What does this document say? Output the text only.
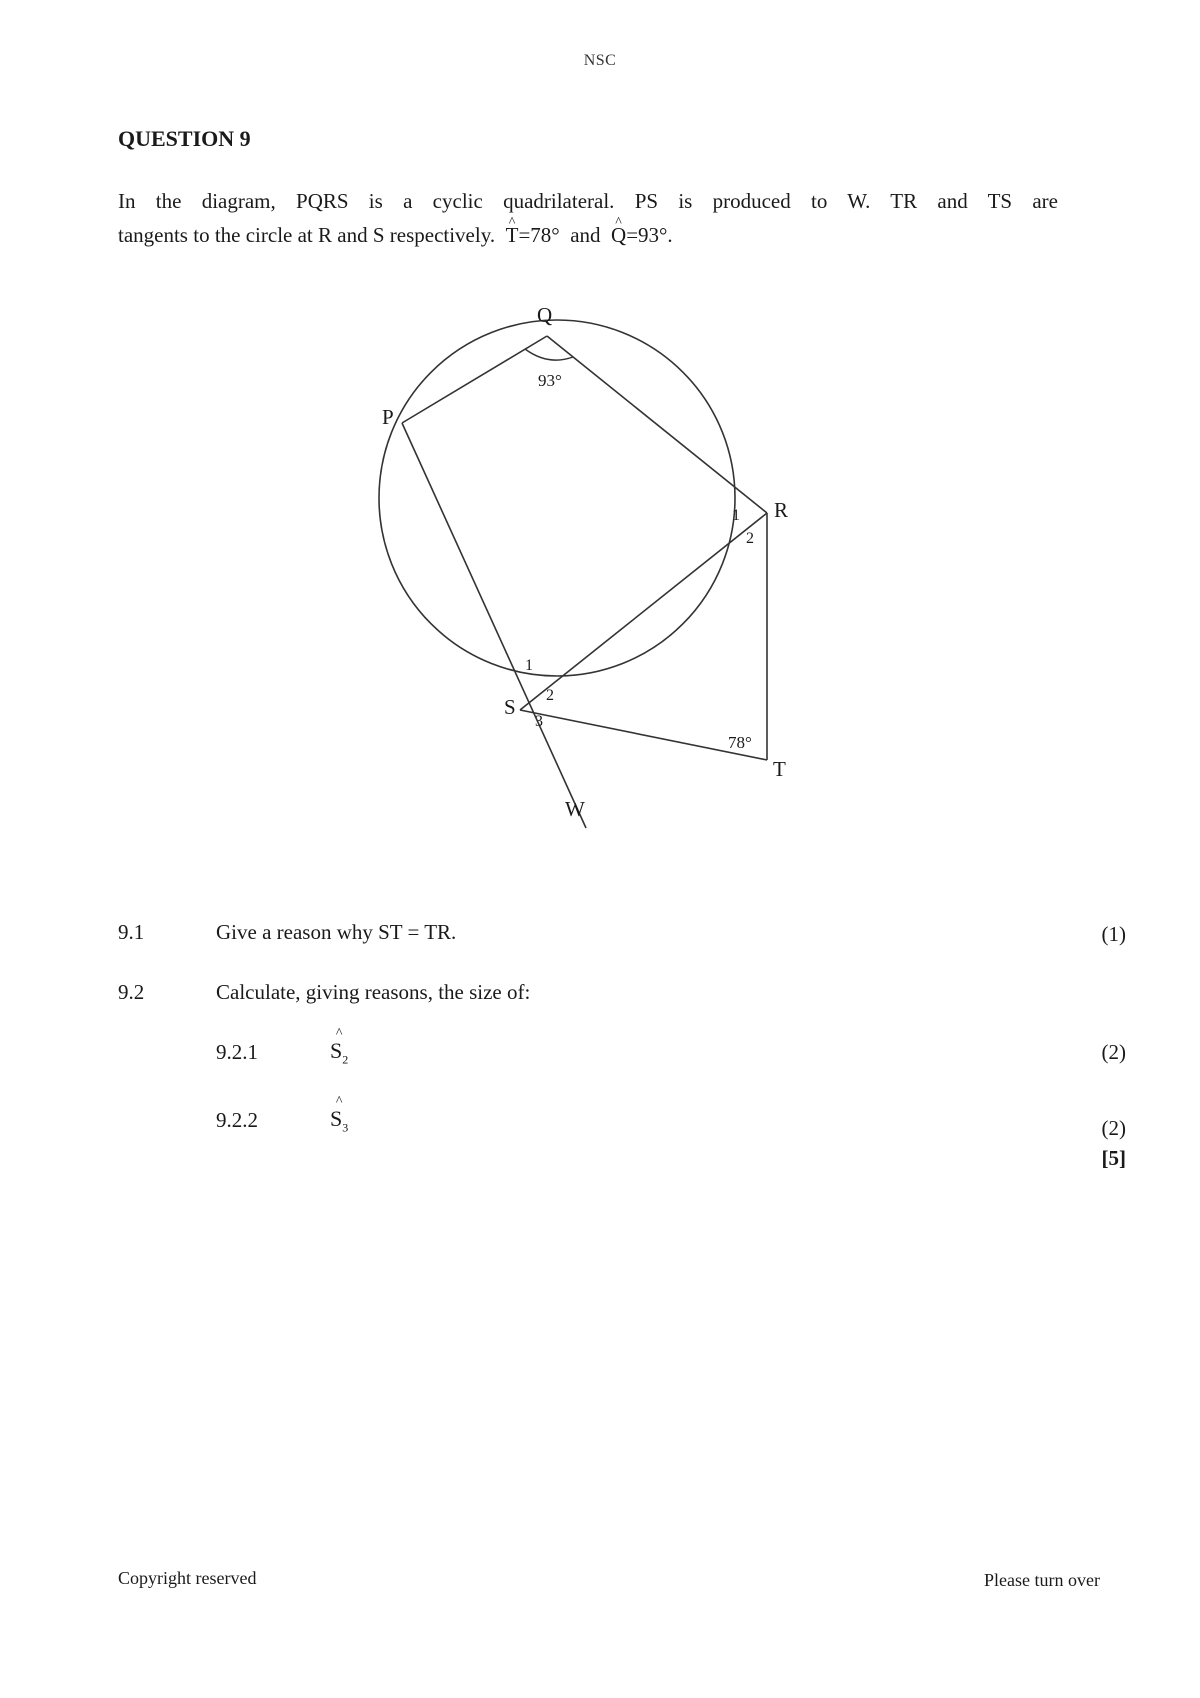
NSC
QUESTION 9
In the diagram, PQRS is a cyclic quadrilateral. PS is produced to W. TR and TS are
tangents to the circle at R and S respectively. ^ T=78° and ^ Q=93°.
Q
P
R
S
T
W
93°
78°
1
2
1
2
3
9.1	Give a reason why ST = TR.	(1)
9.2	Calculate, giving reasons, the size of:
9.2.1	^ $S_2$	(2)
9.2.2	^ $S_3$	(2)
[5]
Copyright reserved	Please turn over
